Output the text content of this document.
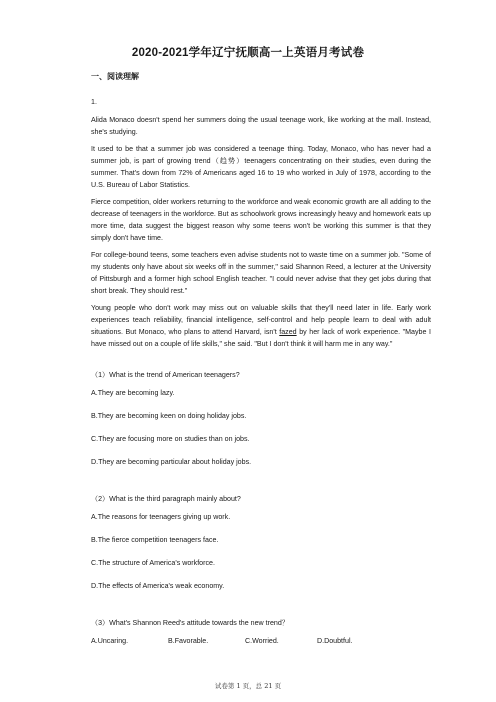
2020-2021学年辽宁抚顺高一上英语月考试卷
一、阅读理解

1.

Alida Monaco doesn't spend her summers doing the usual teenage work, like working at the mall. Instead, she's studying.

It used to be that a summer job was considered a teenage thing. Today, Monaco, who has never had a summer job, is part of growing trend（趋势）teenagers concentrating on their studies, even during the summer. That's down from 72% of Americans aged 16 to 19 who worked in July of 1978, according to the U.S. Bureau of Labor Statistics.

Fierce competition, older workers returning to the workforce and weak economic growth are all adding to the decrease of teenagers in the workforce. But as schoolwork grows increasingly heavy and homework eats up more time, data suggest the biggest reason why some teens won't be working this summer is that they simply don't have time.

For college-bound teens, some teachers even advise students not to waste time on a summer job. "Some of my students only have about six weeks off in the summer," said Shannon Reed, a lecturer at the University of Pittsburgh and a former high school English teacher. "I could never advise that they get jobs during that short break. They should rest."

Young people who don't work may miss out on valuable skills that they'll need later in life. Early work experiences teach reliability, financial intelligence, self-control and help people learn to deal with adult situations. But Monaco, who plans to attend Harvard, isn't fazed by her lack of work experience. "Maybe I have missed out on a couple of life skills," she said. "But I don't think it will harm me in any way."

（1）What is the trend of American teenagers?

A.They are becoming lazy.

B.They are becoming keen on doing holiday jobs.

C.They are focusing more on studies than on jobs.

D.They are becoming particular about holiday jobs.

（2）What is the third paragraph mainly about?

A.The reasons for teenagers giving up work.

B.The fierce competition teenagers face.

C.The structure of America's workforce.

D.The effects of America's weak economy.

（3）What's Shannon Reed's attitude towards the new trend？

A.Uncaring.	B.Favorable.	C.Worried.	D.Doubtful.
试卷第 1 页，总 21 页
